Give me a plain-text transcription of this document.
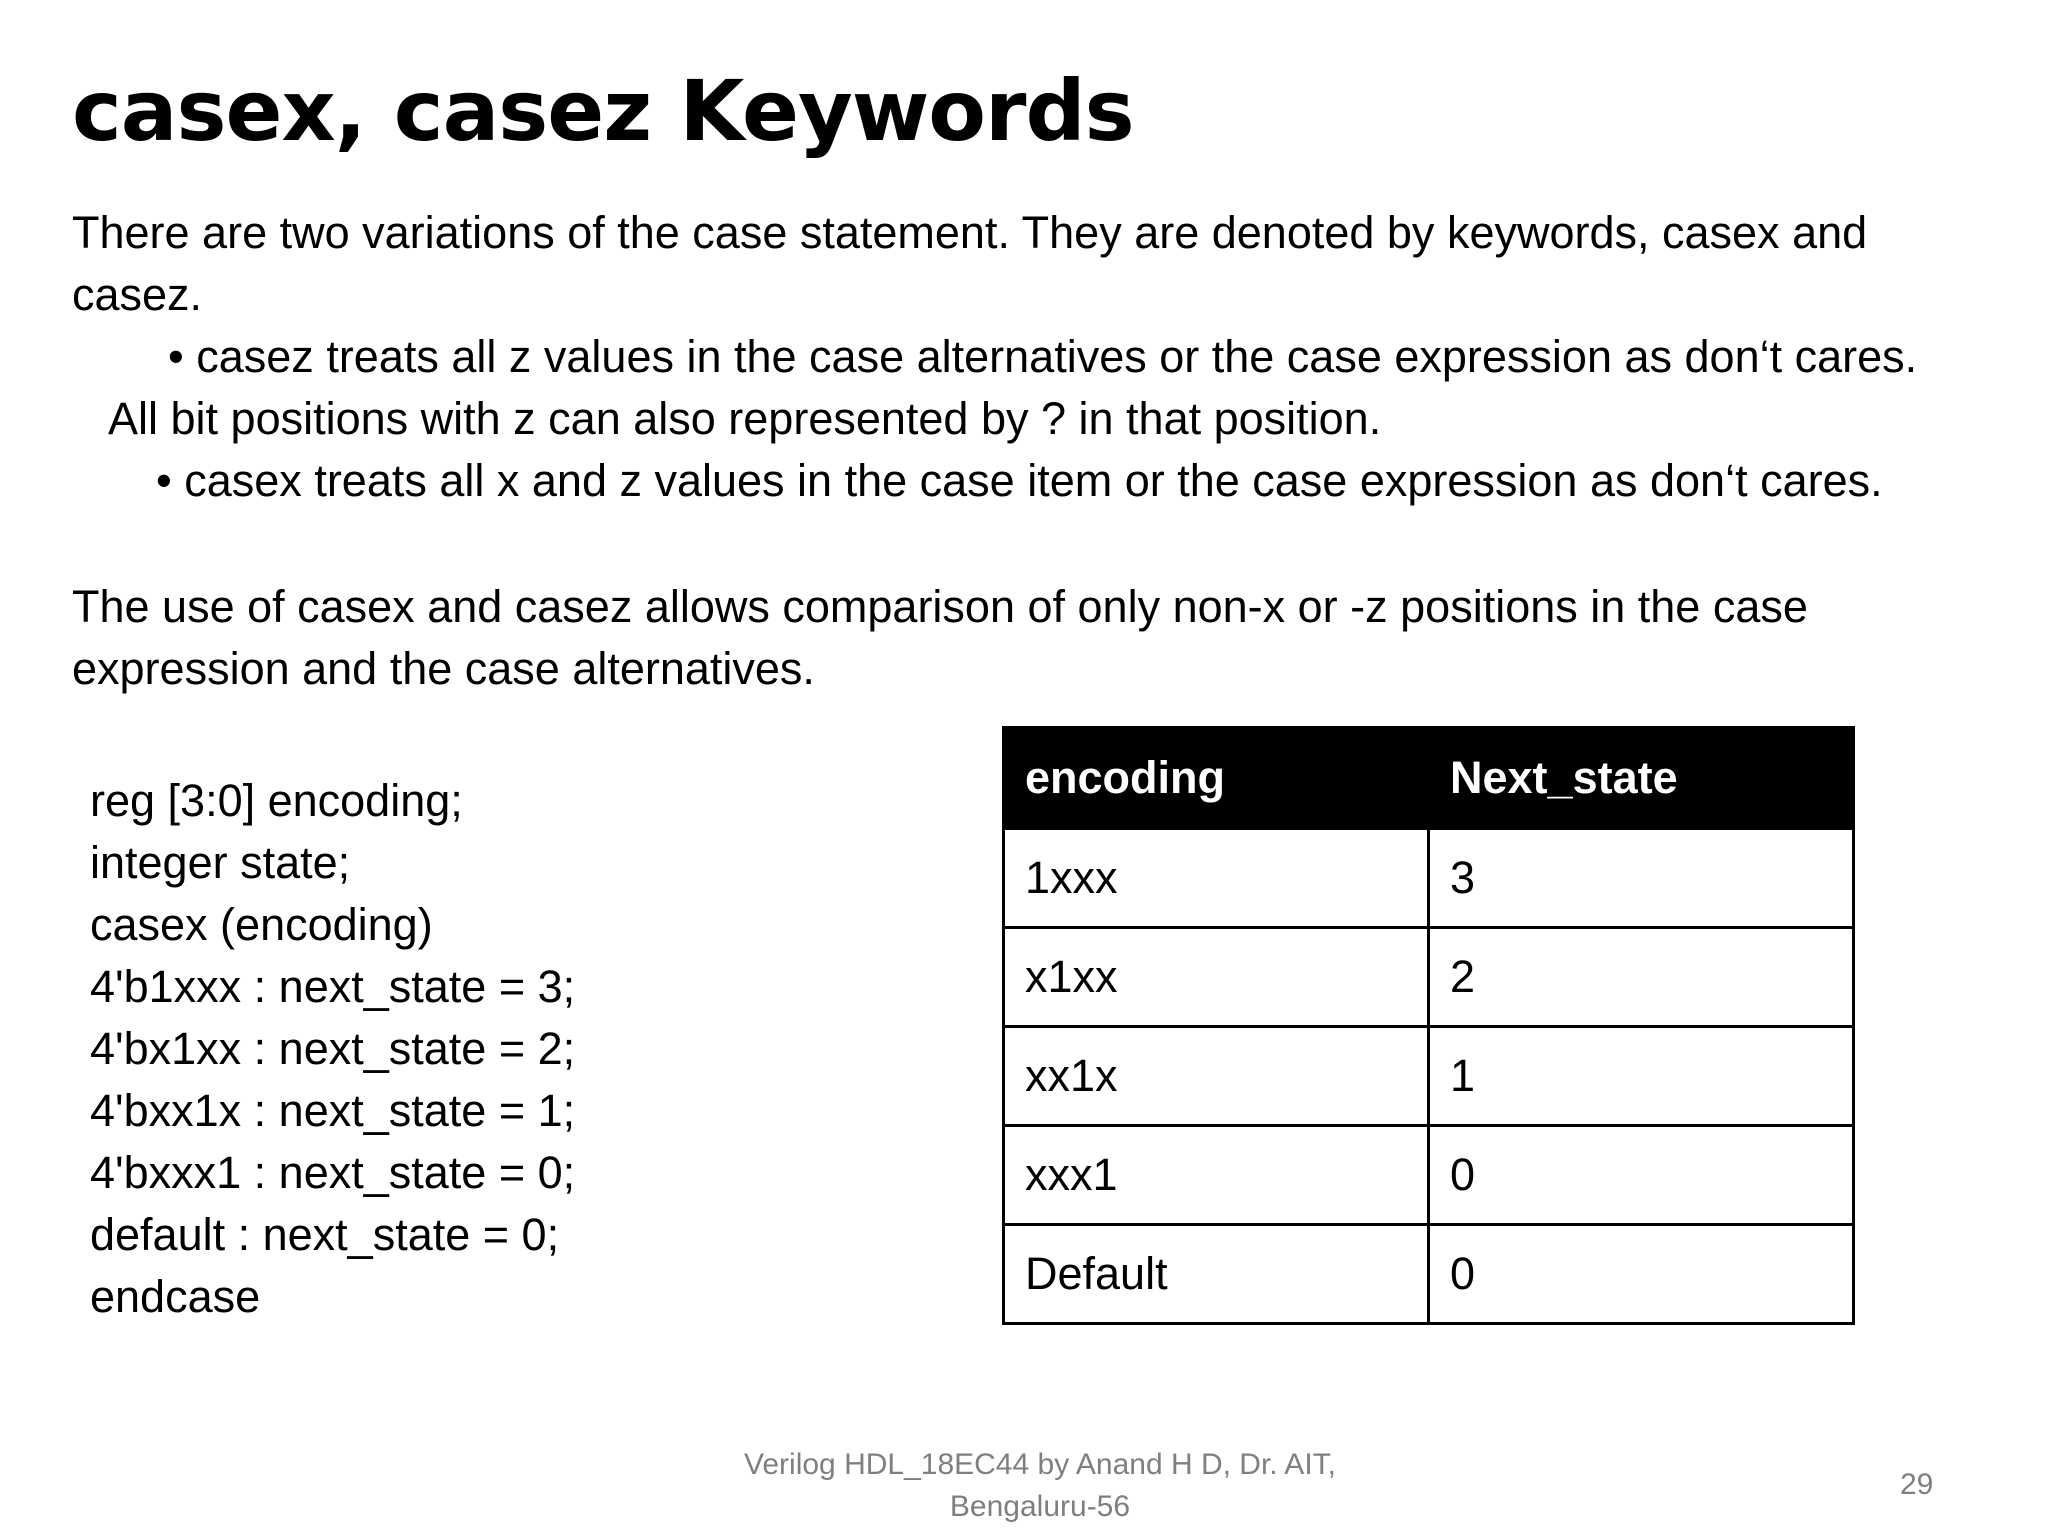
casex, casez Keywords

There are two variations of the case statement. They are denoted by keywords, casex and casez.

• casez treats all z values in the case alternatives or the case expression as don‘t cares.

All bit positions with z can also represented by ? in that position.

• casex treats all x and z values in the case item or the case expression as don‘t cares.

The use of casex and casez allows comparison of only non-x or -z positions in the case expression and the case alternatives.

reg [3:0] encoding;
integer state;
casex (encoding)
4'b1xxx : next_state = 3;
4'bx1xx : next_state = 2;
4'bxx1x : next_state = 1;
4'bxxx1 : next_state = 0;
default : next_state = 0;
endcase
encoding	Next_state
1xxx	3
x1xx	2
xx1x	1
xxx1	0
Default	0
Verilog HDL_18EC44 by Anand H D, Dr. AIT,
Bengaluru-56
29
